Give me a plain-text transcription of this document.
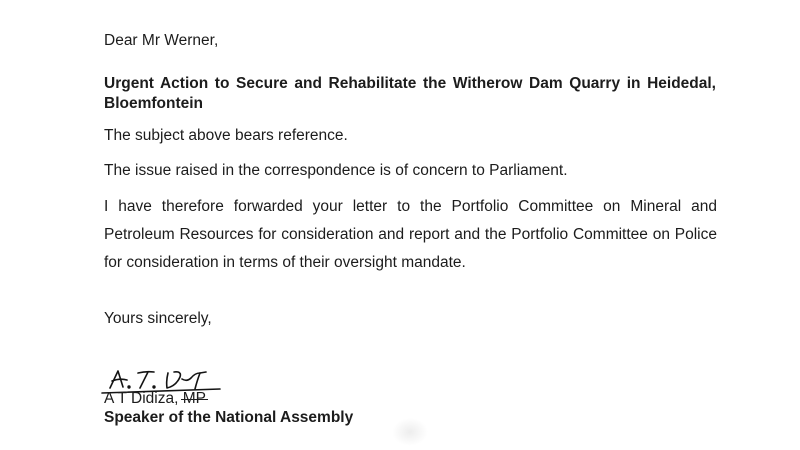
Dear Mr Werner,
Urgent Action to Secure and Rehabilitate the Witherow Dam Quarry in Heidedal, Bloemfontein
The subject above bears reference.
The issue raised in the correspondence is of concern to Parliament.
I have therefore forwarded your letter to the Portfolio Committee on Mineral and Petroleum Resources for consideration and report and the Portfolio Committee on Police for consideration in terms of their oversight mandate.
Yours sincerely,
A T Didiza, MP
Speaker of the National Assembly
